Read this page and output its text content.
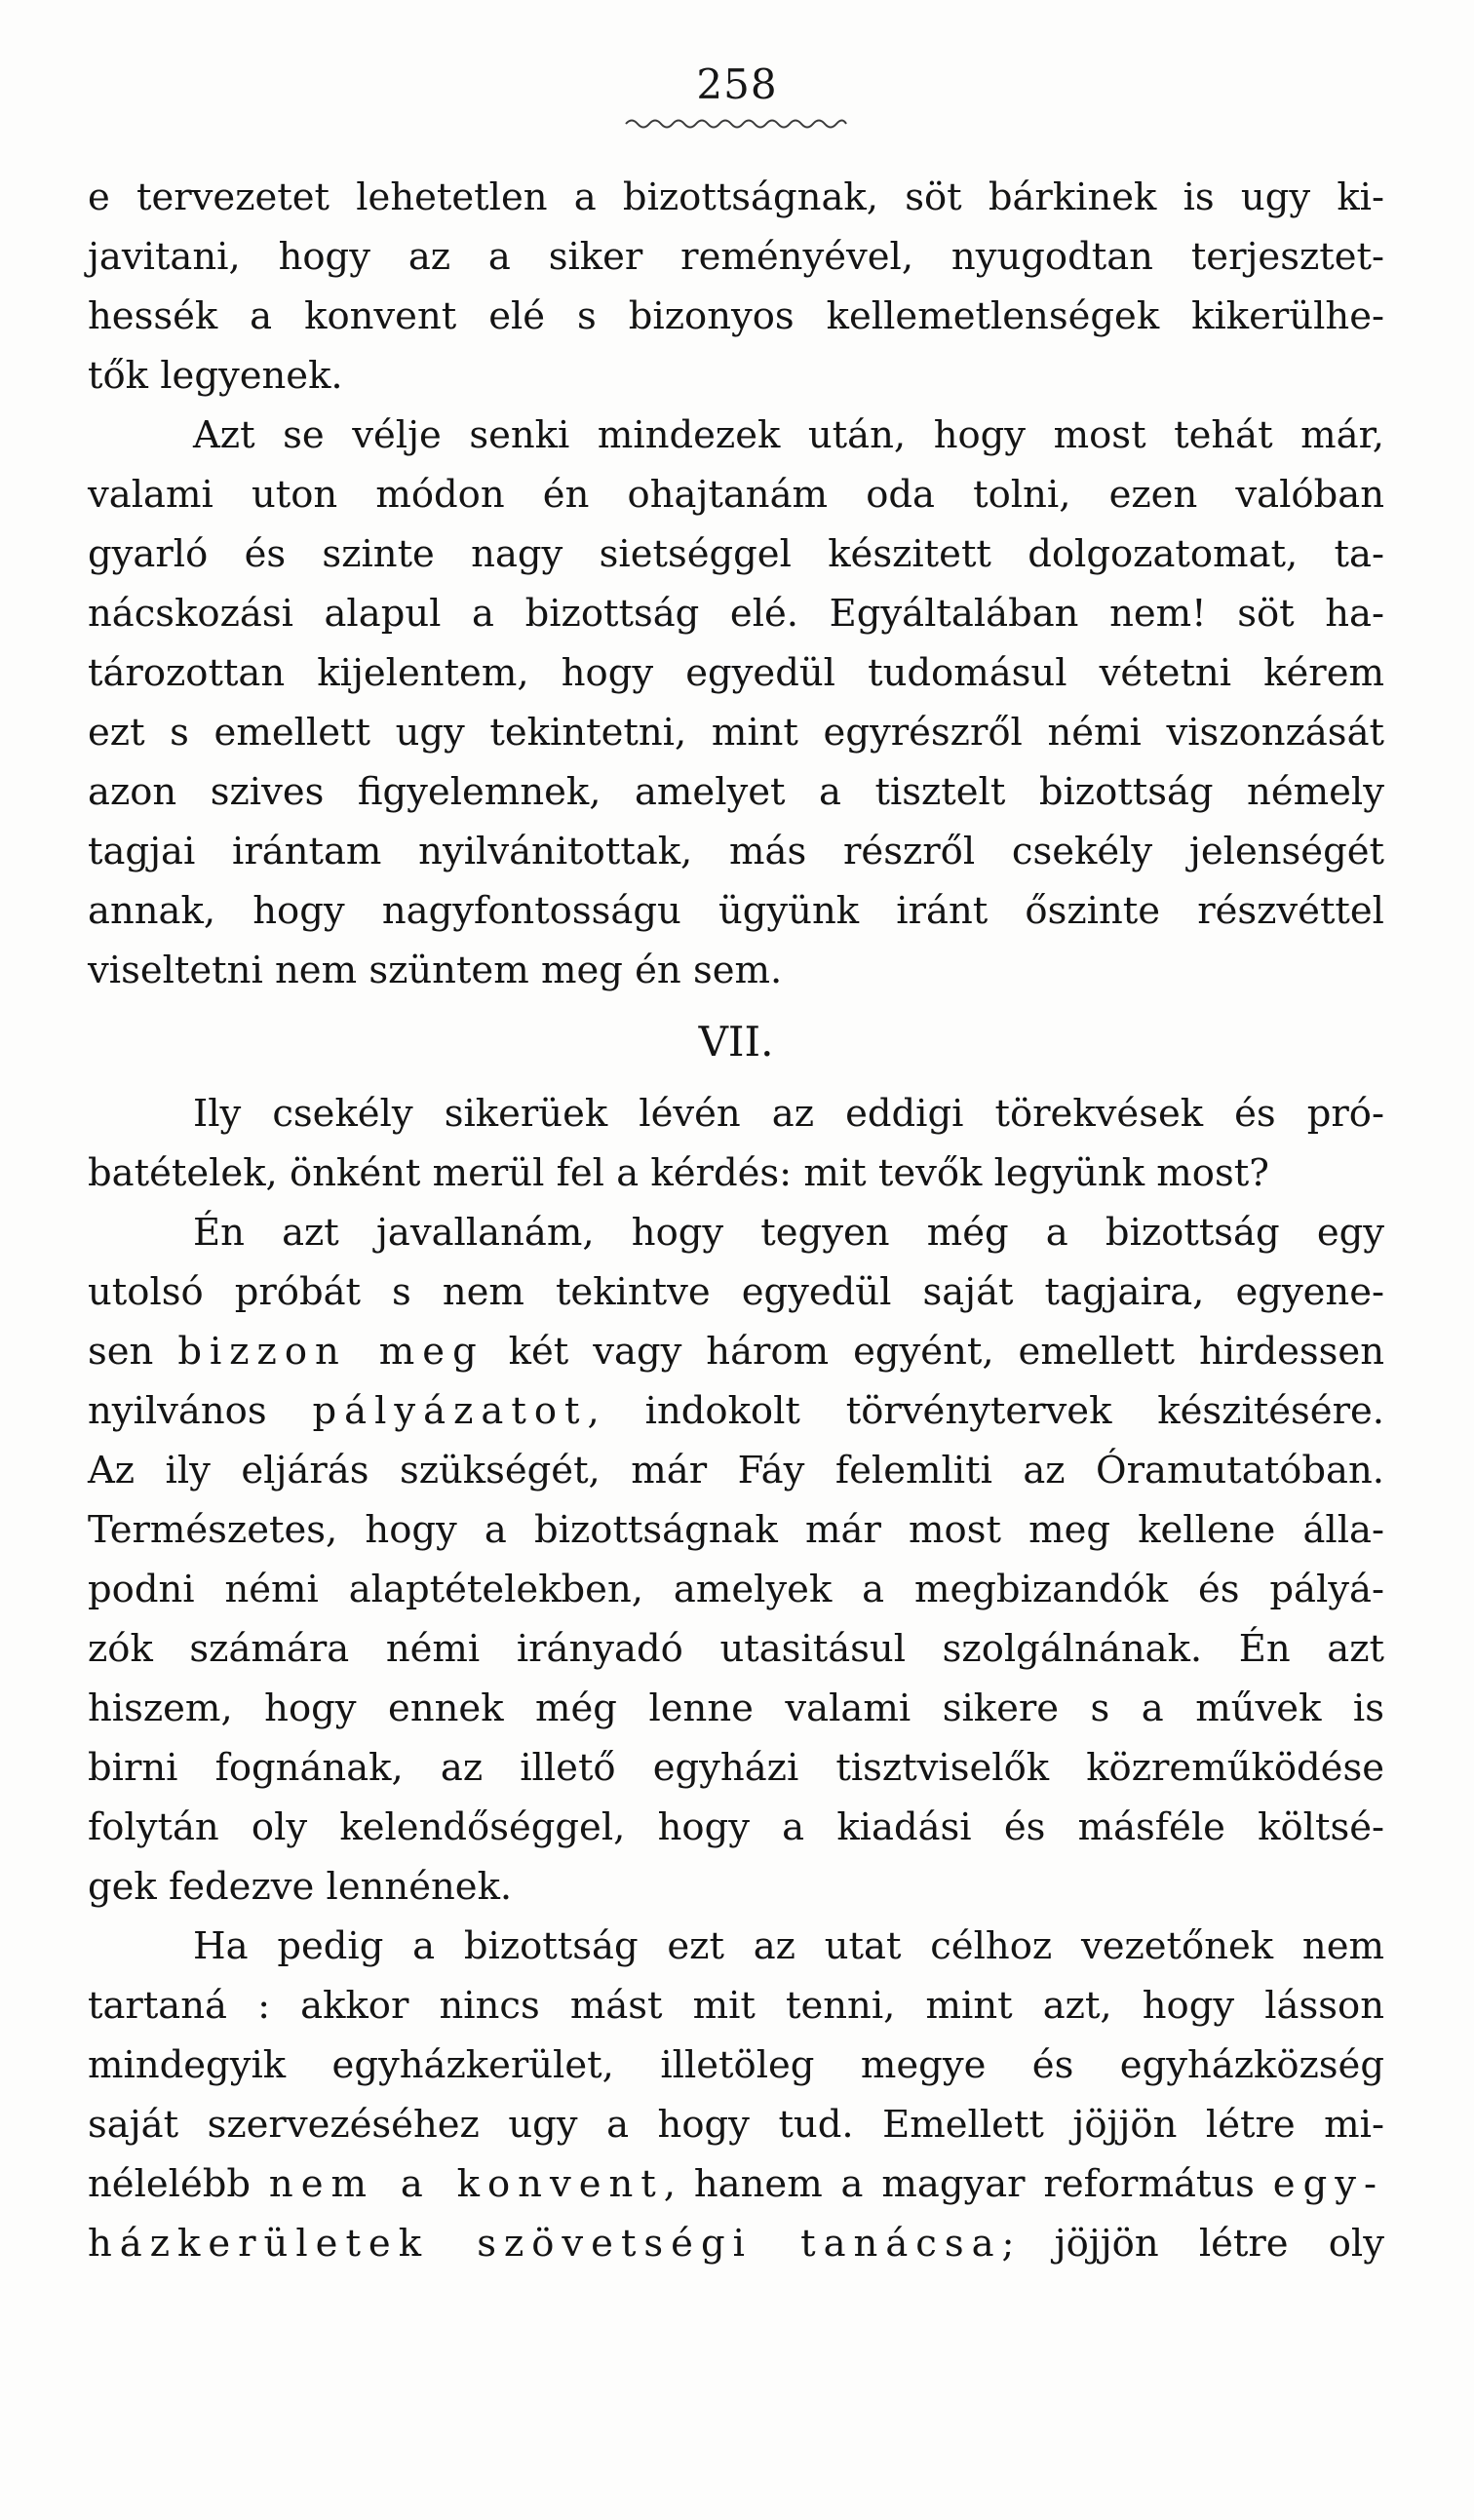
258
e tervezetet lehetetlen a bizottságnak, söt bárkinek is ugy ki-
javitani, hogy az a siker reményével, nyugodtan terjesztet-
hessék a konvent elé s bizonyos kellemetlenségek kikerülhe-
tők legyenek.
Azt se vélje senki mindezek után, hogy most tehát már,
valami uton módon én ohajtanám oda tolni, ezen valóban
gyarló és szinte nagy sietséggel készitett dolgozatomat, ta-
nácskozási alapul a bizottság elé. Egyáltalában nem! söt ha-
tározottan kijelentem, hogy egyedül tudomásul vétetni kérem
ezt s emellett ugy tekintetni, mint egyrészről némi viszonzását
azon szives figyelemnek, amelyet a tisztelt bizottság némely
tagjai irántam nyilvánitottak, más részről csekély jelenségét
annak, hogy nagyfontosságu ügyünk iránt őszinte részvéttel
viseltetni nem szüntem meg én sem.
VII.
Ily csekély sikerüek lévén az eddigi törekvések és pró-
batételek, önként merül fel a kérdés: mit tevők legyünk most?
Én azt javallanám, hogy tegyen még a bizottság egy
utolsó próbát s nem tekintve egyedül saját tagjaira, egyene-
sen bizzon meg két vagy három egyént, emellett hirdessen
nyilvános pályázatot, indokolt törvénytervek készitésére.
Az ily eljárás szükségét, már Fáy felemliti az Óramutatóban.
Természetes, hogy a bizottságnak már most meg kellene álla-
podni némi alaptételekben, amelyek a megbizandók és pályá-
zók számára némi irányadó utasitásul szolgálnának. Én azt
hiszem, hogy ennek még lenne valami sikere s a művek is
birni fognának, az illető egyházi tisztviselők közreműködése
folytán oly kelendőséggel, hogy a kiadási és másféle költsé-
gek fedezve lennének.
Ha pedig a bizottság ezt az utat célhoz vezetőnek nem
tartaná : akkor nincs mást mit tenni, mint azt, hogy lásson
mindegyik egyházkerület, illetöleg megye és egyházközség
saját szervezéséhez ugy a hogy tud. Emellett jöjjön létre mi-
nélelébb nem a konvent, hanem a magyar református egy-
házkerületek szövetségi tanácsa; jöjjön létre oly
